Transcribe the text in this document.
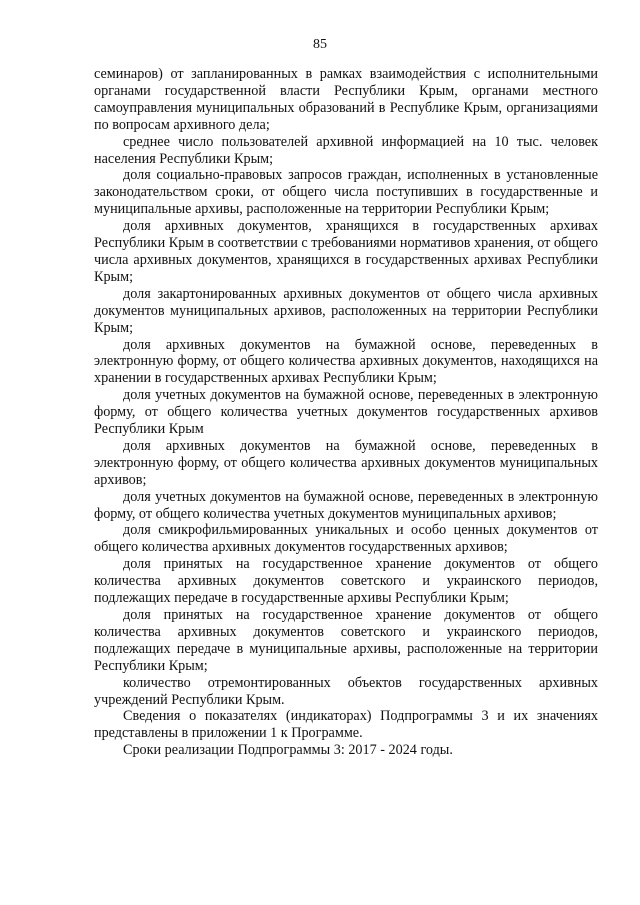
85

семинаров) от запланированных в рамках взаимодействия с исполнительными органами государственной власти Республики Крым, органами местного самоуправления муниципальных образований в Республике Крым, организациями по вопросам архивного дела;

среднее число пользователей архивной информацией на 10 тыс. человек населения Республики Крым;

доля социально-правовых запросов граждан, исполненных в установленные законодательством сроки, от общего числа поступивших в государственные и муниципальные архивы, расположенные на территории Республики Крым;

доля архивных документов, хранящихся в государственных архивах Республики Крым в соответствии с требованиями нормативов хранения, от общего числа архивных документов, хранящихся в государственных архивах Республики Крым;

доля закартонированных архивных документов от общего числа архивных документов муниципальных архивов, расположенных на территории Республики Крым;

доля архивных документов на бумажной основе, переведенных в электронную форму, от общего количества архивных документов, находящихся на хранении в государственных архивах Республики Крым;

доля учетных документов на бумажной основе, переведенных в электронную форму, от общего количества учетных документов государственных архивов Республики Крым

доля архивных документов на бумажной основе, переведенных в электронную форму, от общего количества архивных документов муниципальных архивов;

доля учетных документов на бумажной основе, переведенных в электронную форму, от общего количества учетных документов муниципальных архивов;

доля смикрофильмированных уникальных и особо ценных документов от общего количества архивных документов государственных архивов;

доля принятых на государственное хранение документов от общего количества архивных документов советского и украинского периодов, подлежащих передаче в государственные архивы Республики Крым;

доля принятых на государственное хранение документов от общего количества архивных документов советского и украинского периодов, подлежащих передаче в муниципальные архивы, расположенные на территории Республики Крым;

количество отремонтированных объектов государственных архивных учреждений Республики Крым.

Сведения о показателях (индикаторах) Подпрограммы 3 и их значениях представлены в приложении 1 к Программе.

Сроки реализации Подпрограммы 3: 2017 - 2024 годы.
